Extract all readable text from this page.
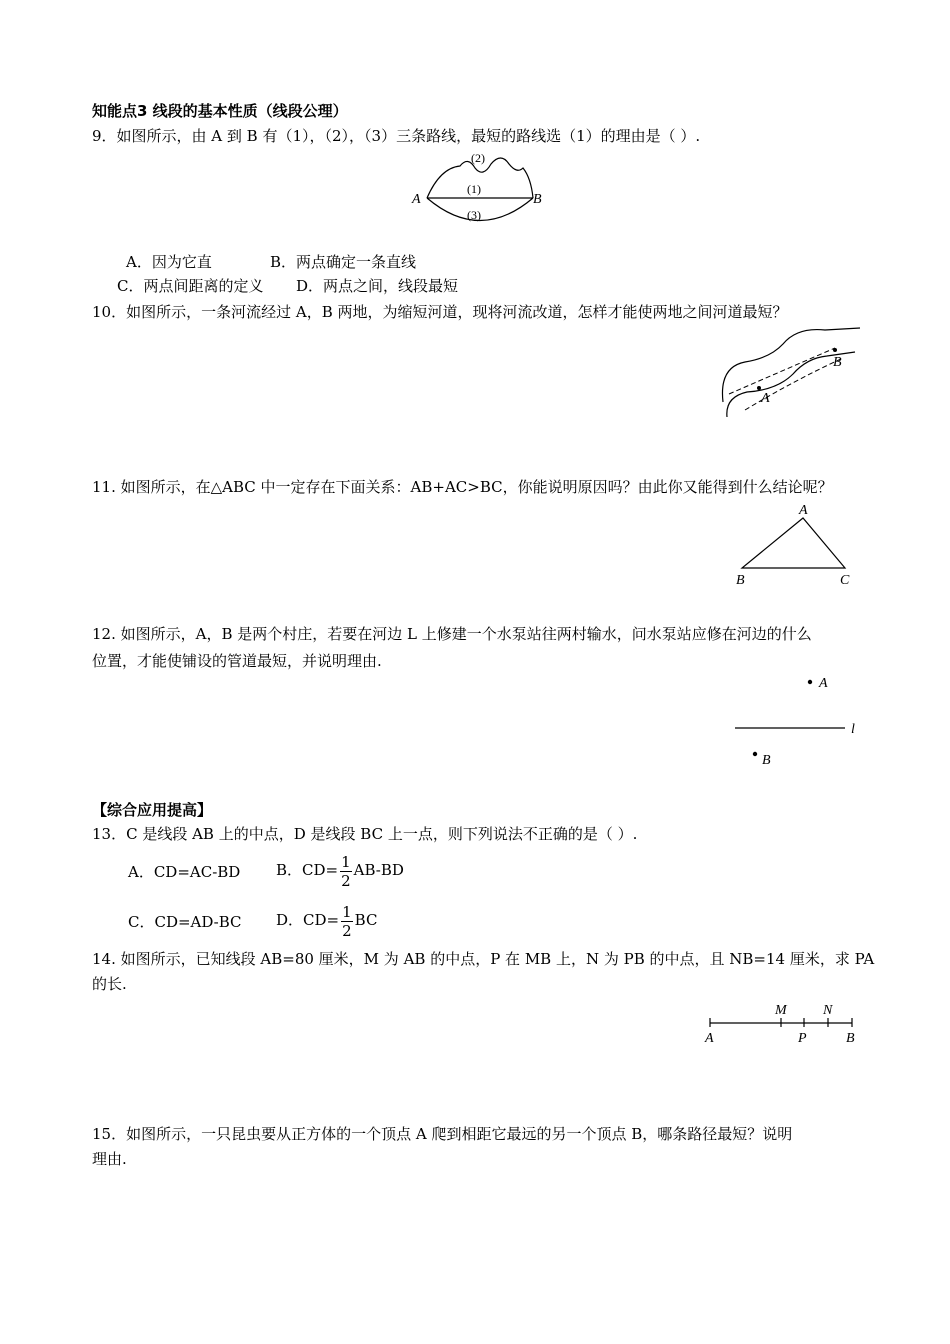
知能点3 线段的基本性质（线段公理）
9．如图所示，由 A 到 B 有（1），（2），（3）三条路线，最短的路线选（1）的理由是（ ）.
A	B
(1)
(2)
(3)
A．因为它直	B．两点确定一条直线
C．两点间距离的定义 D．两点之间，线段最短
10．如图所示，一条河流经过 A，B 两地，为缩短河道，现将河流改道，怎样才能使两地之间河道最短？
A
B
11. 如图所示，在△ABC 中一定存在下面关系：AB+AC>BC，你能说明原因吗？由此你又能得到什么结论呢？
A
B	C
12. 如图所示，A，B 是两个村庄，若要在河边 L 上修建一个水泵站往两村输水，问水泵站应修在河边的什么
位置，才能使铺设的管道最短，并说明理由.
A
l
B
【综合应用提高】
13．C 是线段 AB 上的中点，D 是线段 BC 上一点，则下列说法不正确的是（ ）.
A．CD=AC-BD B．$CD= \frac{1}{2} AB-BD$
C．CD=AD-BC D．$CD= \frac{1}{2}$ BC
14. 如图所示，已知线段 AB=80 厘米，M 为 AB 的中点，P 在 MB 上，N 为 PB 的中点，且 NB=14 厘米，求 PA
的长.
M	N
A	P	B
15．如图所示，一只昆虫要从正方体的一个顶点 A 爬到相距它最远的另一个顶点 B，哪条路径最短？说明
理由.
